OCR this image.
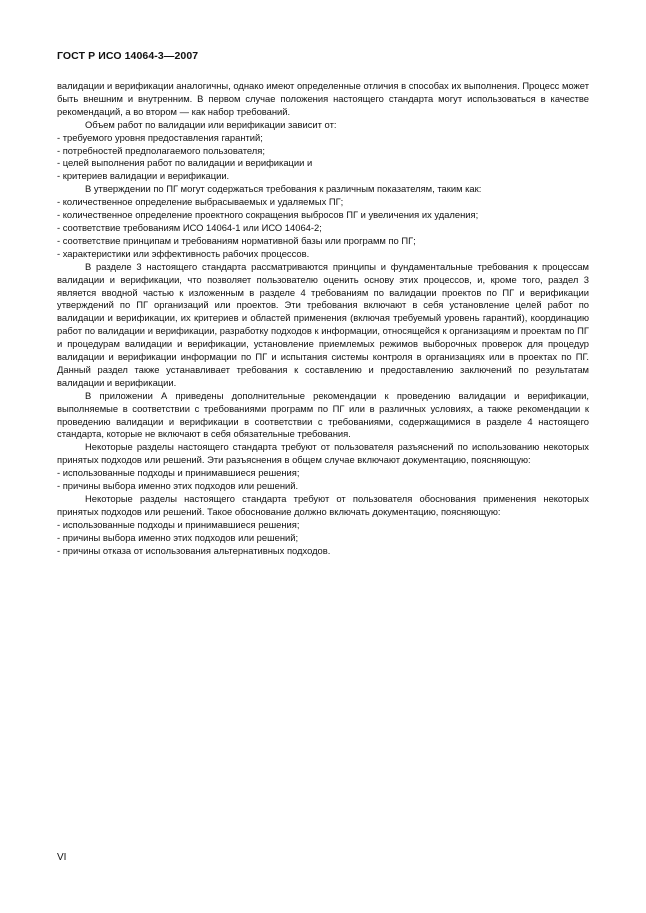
ГОСТ Р ИСО 14064-3—2007

валидации и верификации аналогичны, однако имеют определенные отличия в способах их выполнения. Процесс может быть внешним и внутренним. В первом случае положения настоящего стандарта могут использоваться в качестве рекомендаций, а во втором — как набор требований.

Объем работ по валидации или верификации зависит от:

- требуемого уровня предоставления гарантий;

- потребностей предполагаемого пользователя;

- целей выполнения работ по валидации и верификации и

- критериев валидации и верификации.

В утверждении по ПГ могут содержаться требования к различным показателям, таким как:

- количественное определение выбрасываемых и удаляемых ПГ;

- количественное определение проектного сокращения выбросов ПГ и увеличения их удаления;

- соответствие требованиям ИСО 14064-1 или ИСО 14064-2;

- соответствие принципам и требованиям нормативной базы или программ по ПГ;

- характеристики или эффективность рабочих процессов.

В разделе 3 настоящего стандарта рассматриваются принципы и фундаментальные требования к процессам валидации и верификации, что позволяет пользователю оценить основу этих процессов, и, кроме того, раздел 3 является вводной частью к изложенным в разделе 4 требованиям по валидации проектов по ПГ и верификации утверждений по ПГ организаций или проектов. Эти требования включают в себя установление целей работ по валидации и верификации, их критериев и областей применения (включая требуемый уровень гарантий), координацию работ по валидации и верификации, разработку подходов к информации, относящейся к организациям и проектам по ПГ и процедурам валидации и верификации, установление приемлемых режимов выборочных проверок для процедур валидации и верификации информации по ПГ и испытания системы контроля в организациях или в проектах по ПГ. Данный раздел также устанавливает требования к составлению и предоставлению заключений по результатам валидации и верификации.

В приложении А приведены дополнительные рекомендации к проведению валидации и верификации, выполняемые в соответствии с требованиями программ по ПГ или в различных условиях, а также рекомендации к проведению валидации и верификации в соответствии с требованиями, содержащимися в разделе 4 настоящего стандарта, которые не включают в себя обязательные требования.

Некоторые разделы настоящего стандарта требуют от пользователя разъяснений по использованию некоторых принятых подходов или решений. Эти разъяснения в общем случае включают документацию, поясняющую:

- использованные подходы и принимавшиеся решения;

- причины выбора именно этих подходов или решений.

Некоторые разделы настоящего стандарта требуют от пользователя обоснования применения некоторых принятых подходов или решений. Такое обоснование должно включать документацию, поясняющую:

- использованные подходы и принимавшиеся решения;

- причины выбора именно этих подходов или решений;

- причины отказа от использования альтернативных подходов.

VI
